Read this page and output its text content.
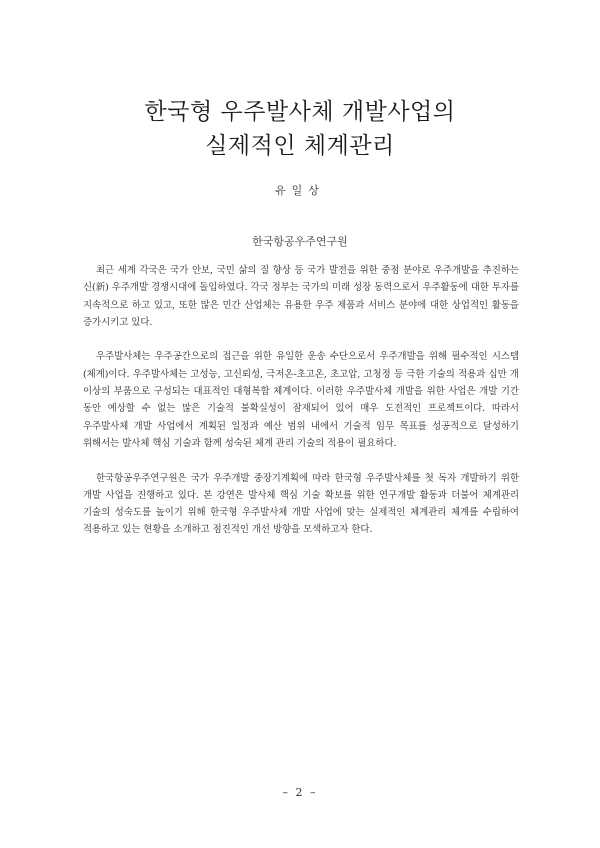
한국형 우주발사체 개발사업의
실제적인 체계관리
유일상
한국항공우주연구원

최근 세계 각국은 국가 안보, 국민 삶의 질 향상 등 국가 발전을 위한 중점 분야로 우주개발을 추진하는 신(新) 우주개발 경쟁시대에 돌입하였다. 각국 정부는 국가의 미래 성장 동력으로서 우주활동에 대한 투자를 지속적으로 하고 있고, 또한 많은 민간 산업체는 유용한 우주 제품과 서비스 분야에 대한 상업적인 활동을 증가시키고 있다.

우주발사체는 우주공간으로의 접근을 위한 유일한 운송 수단으로서 우주개발을 위해 필수적인 시스템(체계)이다. 우주발사체는 고성능, 고신뢰성, 극저온-초고온, 초고압, 고청정 등 극한 기술의 적용과 십만 개 이상의 부품으로 구성되는 대표적인 대형복합 체계이다. 이러한 우주발사체 개발을 위한 사업은 개발 기간 동안 예상할 수 없는 많은 기술적 불확실성이 잠재되어 있어 매우 도전적인 프로젝트이다. 따라서 우주발사체 개발 사업에서 계획된 일정과 예산 범위 내에서 기술적 임무 목표를 성공적으로 달성하기 위해서는 발사체 핵심 기술과 함께 성숙된 체계 관리 기술의 적용이 필요하다.

한국항공우주연구원은 국가 우주개발 중장기계획에 따라 한국형 우주발사체를 첫 독자 개발하기 위한 개발 사업을 진행하고 있다. 본 강연은 발사체 핵심 기술 확보를 위한 연구개발 활동과 더불어 체계관리 기술의 성숙도를 높이기 위해 한국형 우주발사체 개발 사업에 맞는 실제적인 체계관리 체계를 수립하여 적용하고 있는 현황을 소개하고 점진적인 개선 방향을 모색하고자 한다.

– 2 –
